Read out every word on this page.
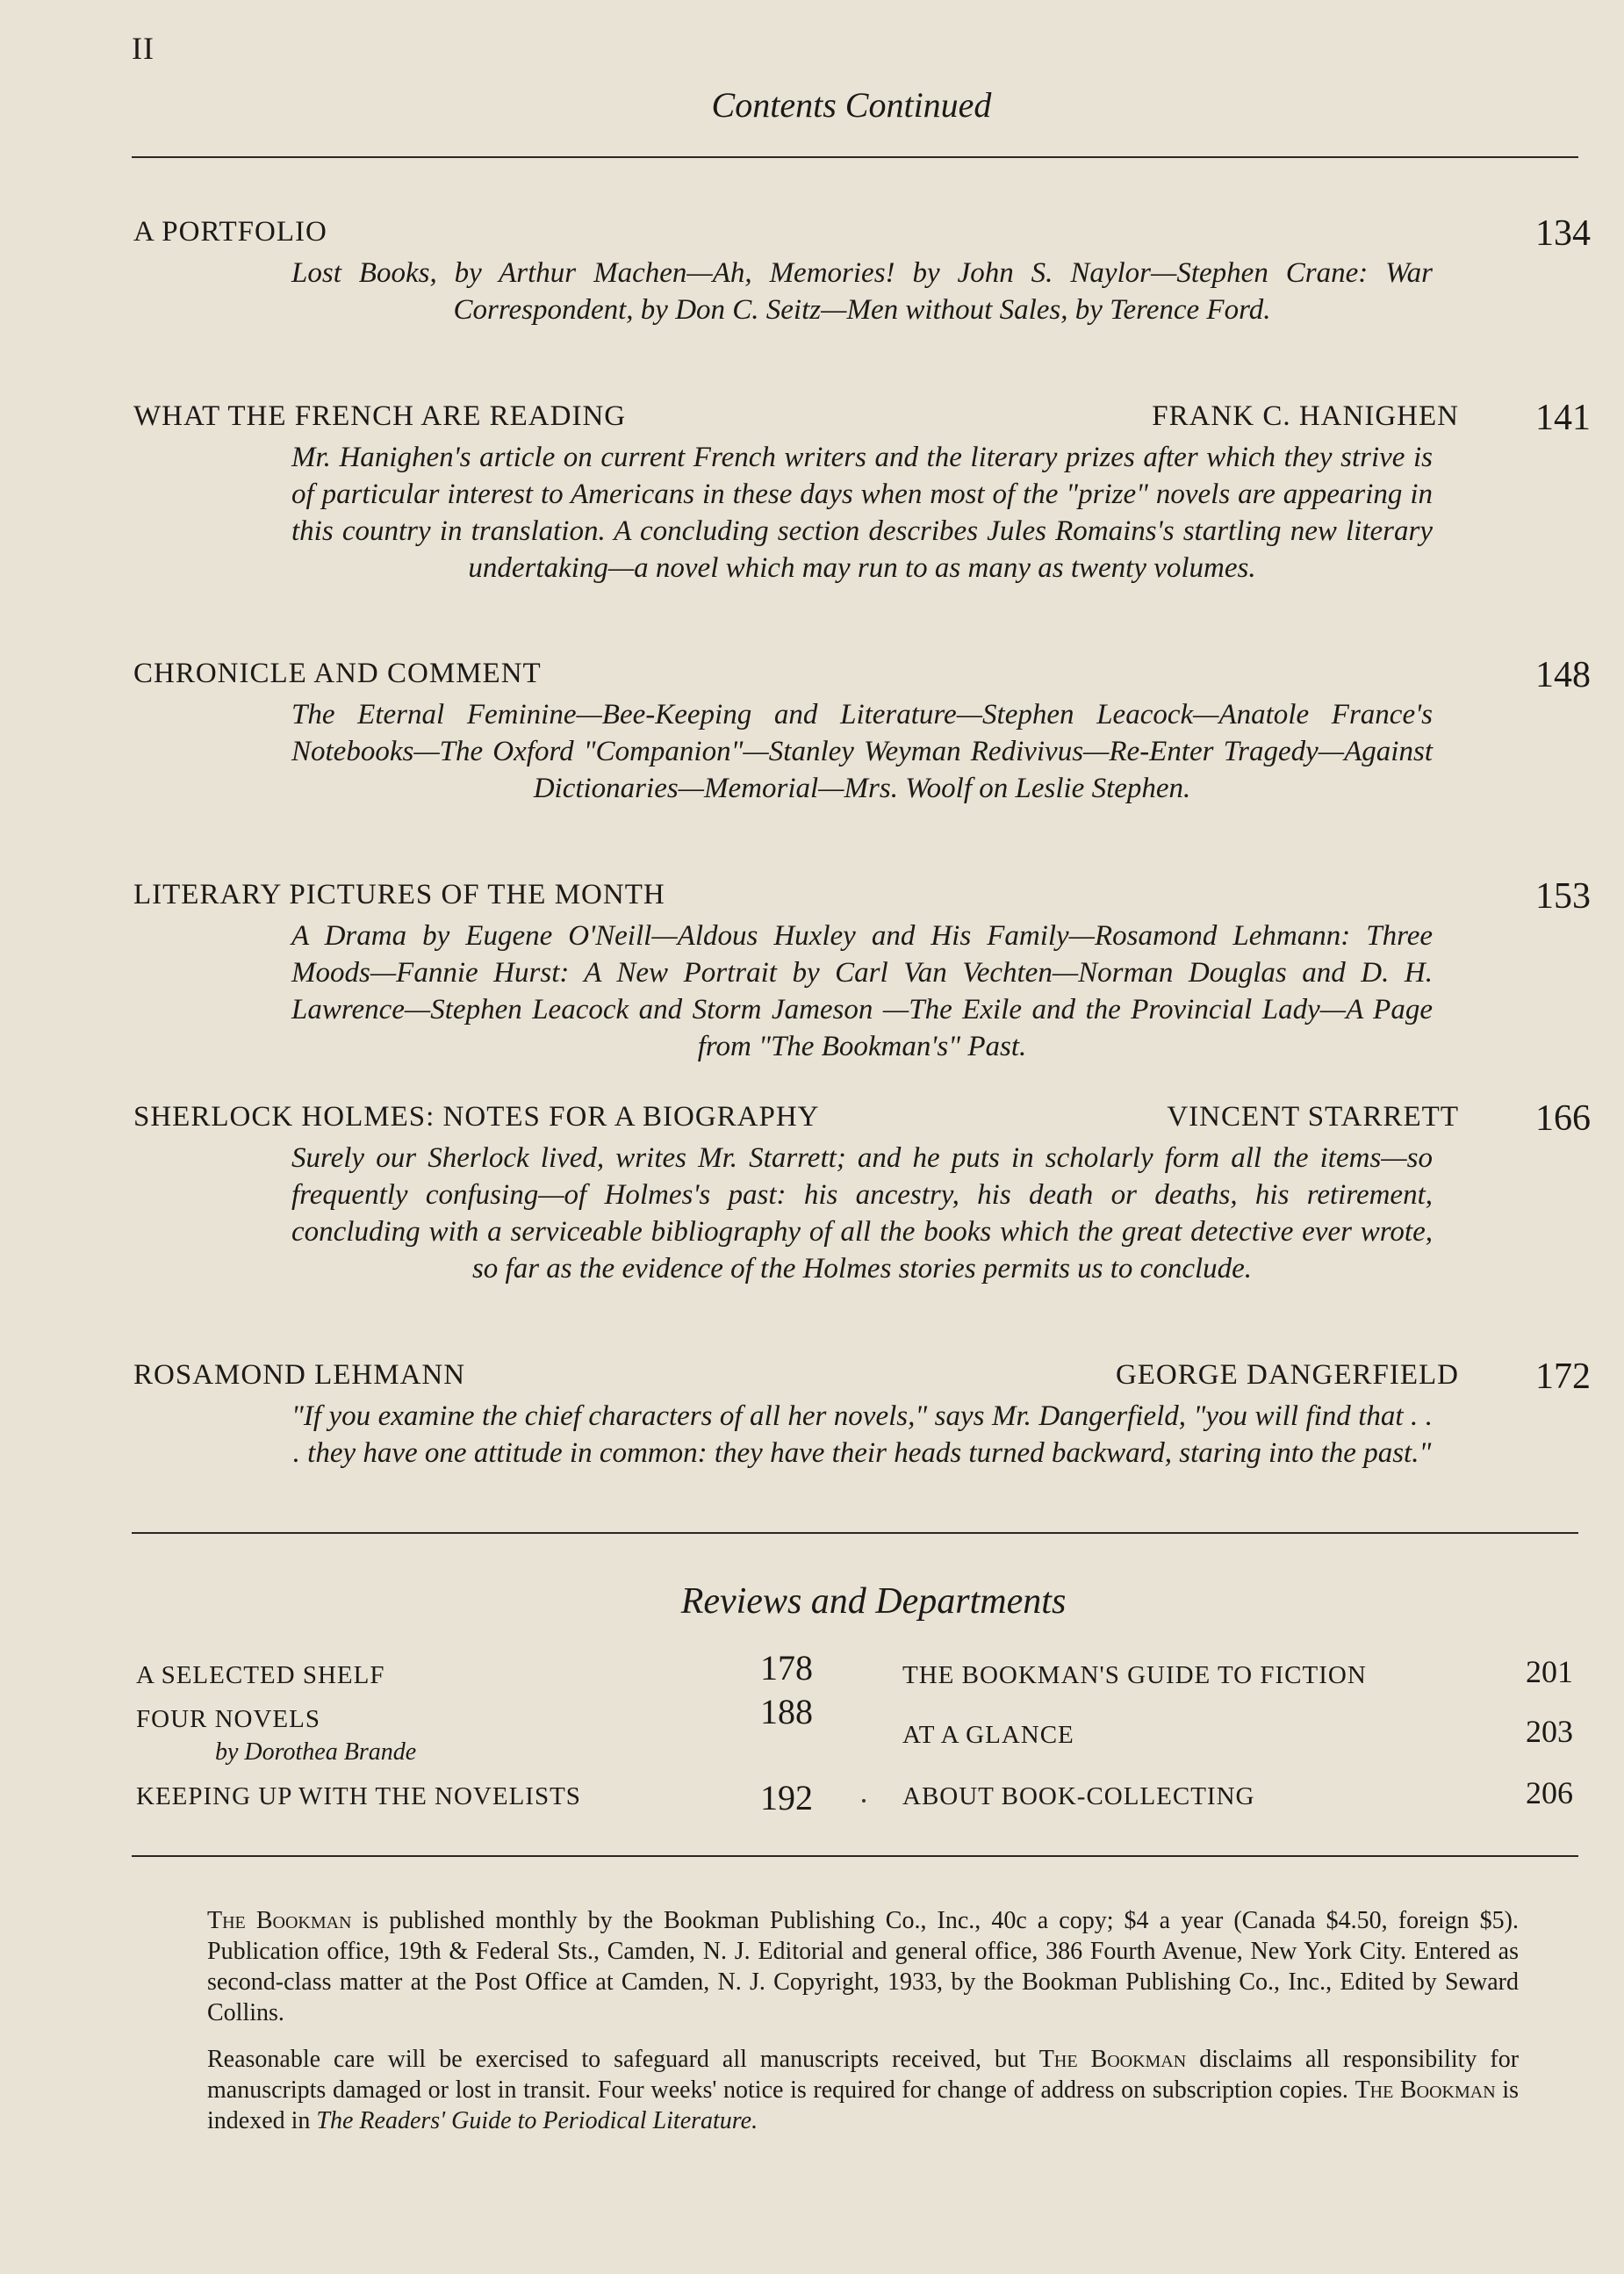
II
Contents Continued
A PORTFOLIO	134

Lost Books, by Arthur Machen—Ah, Memories! by John S. Naylor—Stephen Crane: War Correspondent, by Don C. Seitz—Men without Sales, by Terence Ford.

WHAT THE FRENCH ARE READING	FRANK C. HANIGHEN 141

Mr. Hanighen's article on current French writers and the literary prizes after which they strive is of particular interest to Americans in these days when most of the "prize" novels are appearing in this country in translation. A concluding section describes Jules Romains's startling new literary undertaking—a novel which may run to as many as twenty volumes.

CHRONICLE AND COMMENT	148

The Eternal Feminine—Bee-Keeping and Literature—Stephen Leacock—Anatole France's Notebooks—The Oxford "Companion"—Stanley Weyman Redivivus—Re-Enter Tragedy—Against Dictionaries—Memorial—Mrs. Woolf on Leslie Stephen.

LITERARY PICTURES OF THE MONTH	153

A Drama by Eugene O'Neill—Aldous Huxley and His Family—Rosamond Lehmann: Three Moods—Fannie Hurst: A New Portrait by Carl Van Vechten—Norman Douglas and D. H. Lawrence—Stephen Leacock and Storm Jameson —The Exile and the Provincial Lady—A Page from "The Bookman's" Past.

SHERLOCK HOLMES: NOTES FOR A BIOGRAPHY	VINCENT STARRETT 166

Surely our Sherlock lived, writes Mr. Starrett; and he puts in scholarly form all the items—so frequently confusing—of Holmes's past: his ancestry, his death or deaths, his retirement, concluding with a serviceable bibliography of all the books which the great detective ever wrote, so far as the evidence of the Holmes stories permits us to conclude.

ROSAMOND LEHMANN	GEORGE DANGERFIELD 172

"If you examine the chief characters of all her novels," says Mr. Dangerfield, "you will find that . . . they have one attitude in common: they have their heads turned backward, staring into the past."

Reviews and Departments
A SELECTED SHELF	178
FOUR NOVELS	188
by Dorothea Brande
KEEPING UP WITH THE NOVELISTS	192
THE BOOKMAN'S GUIDE TO FICTION	201
AT A GLANCE	203
ABOUT BOOK-COLLECTING	206

The Bookman is published monthly by the Bookman Publishing Co., Inc., 40c a copy; $4 a year (Canada $4.50, foreign $5). Publication office, 19th & Federal Sts., Camden, N. J. Editorial and general office, 386 Fourth Avenue, New York City. Entered as second-class matter at the Post Office at Camden, N. J. Copyright, 1933, by the Bookman Publishing Co., Inc., Edited by Seward Collins.

Reasonable care will be exercised to safeguard all manuscripts received, but The Bookman disclaims all responsibility for manuscripts damaged or lost in transit. Four weeks' notice is required for change of address on subscription copies. The Bookman is indexed in The Readers' Guide to Periodical Literature.
